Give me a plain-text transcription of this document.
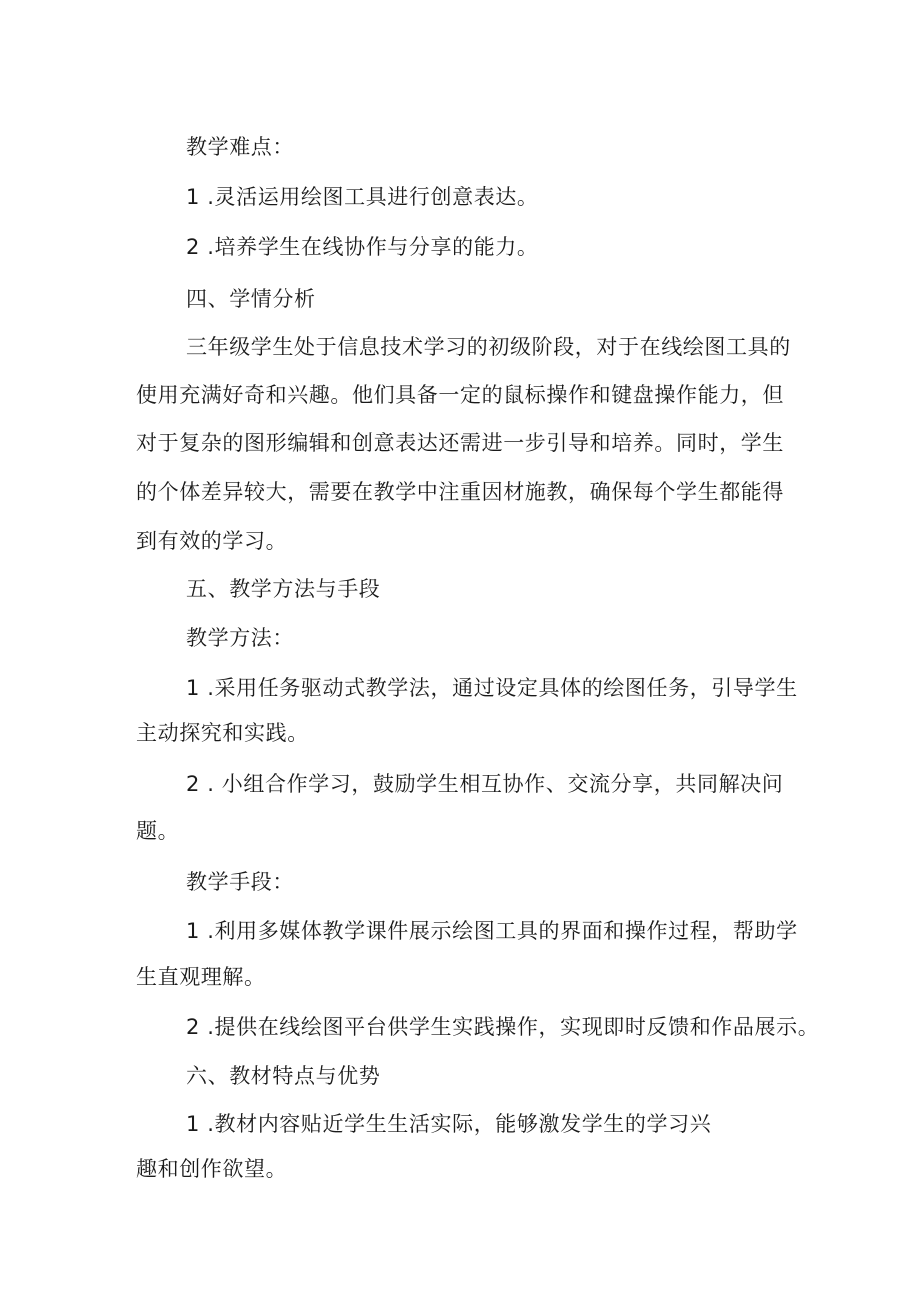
教学难点：
1 .灵活运用绘图工具进行创意表达。
2 .培养学生在线协作与分享的能力。
四、学情分析
三年级学生处于信息技术学习的初级阶段，对于在线绘图工具的
使用充满好奇和兴趣。他们具备一定的鼠标操作和键盘操作能力，但
对于复杂的图形编辑和创意表达还需进一步引导和培养。同时，学生
的个体差异较大，需要在教学中注重因材施教，确保每个学生都能得
到有效的学习。
五、教学方法与手段
教学方法：
1 .采用任务驱动式教学法，通过设定具体的绘图任务，引导学生
主动探究和实践。
2 . 小组合作学习，鼓励学生相互协作、交流分享，共同解决问
题。
教学手段：
1 .利用多媒体教学课件展示绘图工具的界面和操作过程，帮助学
生直观理解。
2 .提供在线绘图平台供学生实践操作，实现即时反馈和作品展示。
六、教材特点与优势
1 .教材内容贴近学生生活实际，能够激发学生的学习兴
趣和创作欲望。
